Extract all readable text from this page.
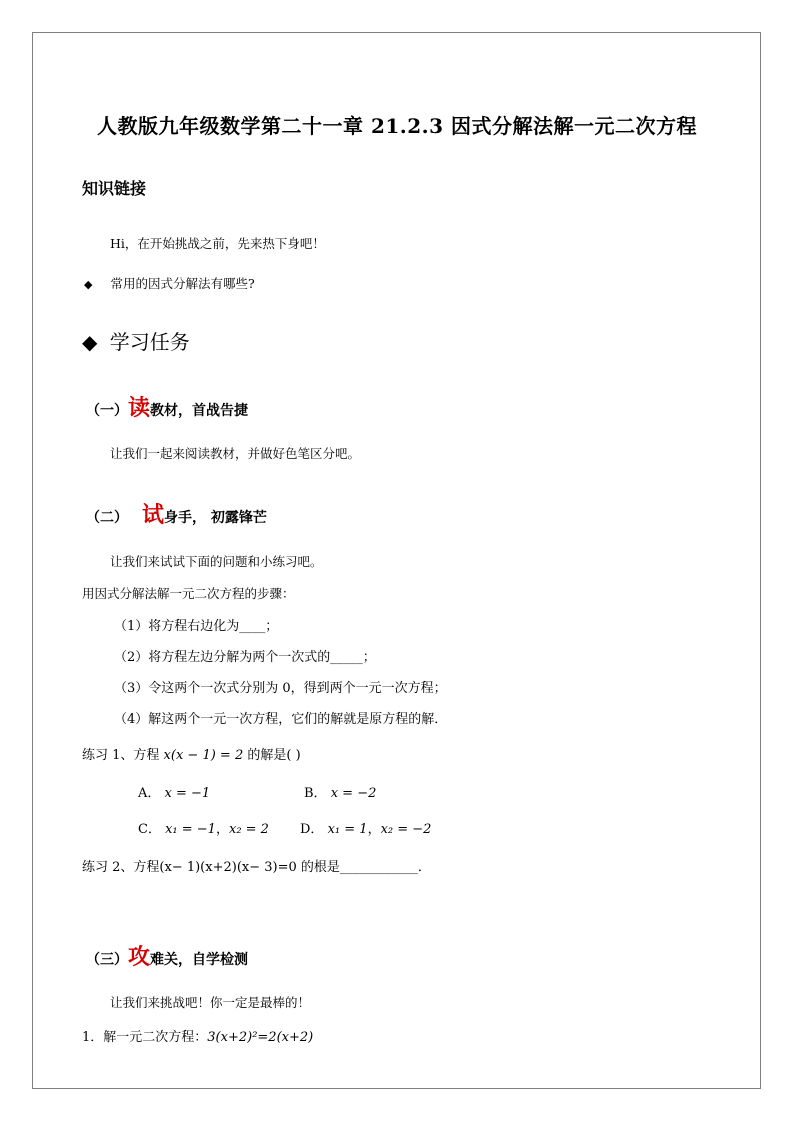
人教版九年级数学第二十一章 21.2.3 因式分解法解一元二次方程
知识链接
Hi，在开始挑战之前，先来热下身吧！
◆ 常用的因式分解法有哪些?
◆ 学习任务
（一）读教材，首战告捷
让我们一起来阅读教材，并做好色笔区分吧。
（二） 试身手， 初露锋芒
让我们来试试下面的问题和小练习吧。
用因式分解法解一元二次方程的步骤：
（1）将方程右边化为____；
（2）将方程左边分解为两个一次式的_____；
（3）令这两个一次式分别为 0，得到两个一元一次方程；
（4）解这两个一元一次方程，它们的解就是原方程的解．
练习 1、方程 x(x − 1) = 2 的解是( )
A． x = −1	B． x = −2
C． x₁ = −1，x₂ = 2 D． x₁ = 1，x₂ = −2
练习 2、方程(x− 1)(x+2)(x− 3)=0 的根是____________．
（三）攻难关，自学检测
让我们来挑战吧！你一定是最棒的！
1．解一元二次方程：3(x+2)²=2(x+2)
